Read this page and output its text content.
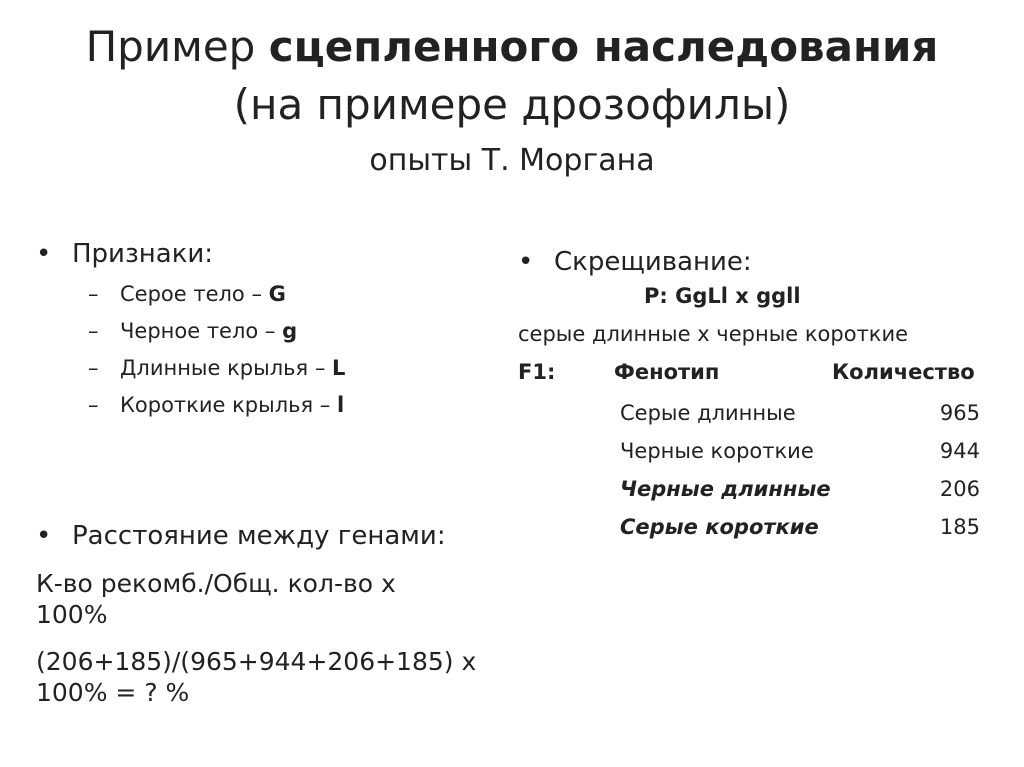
Пример сцепленного наследования
(на примере дрозофилы)
опыты Т. Моргана
• Признаки:
– Серое тело – G
– Черное тело – g
– Длинные крылья – L
– Короткие крылья – l
• Расстояние между генами:
К-во рекомб./Общ. кол-во х
100%
(206+185)/(965+944+206+185) х
100% = ? %
• Скрещивание:
P: GgLl x ggll
серые длинные х черные короткие
F1:	Фенотип	Количество
Серые длинные	965
Черные короткие	944
Черные длинные	206
Серые короткие	185
